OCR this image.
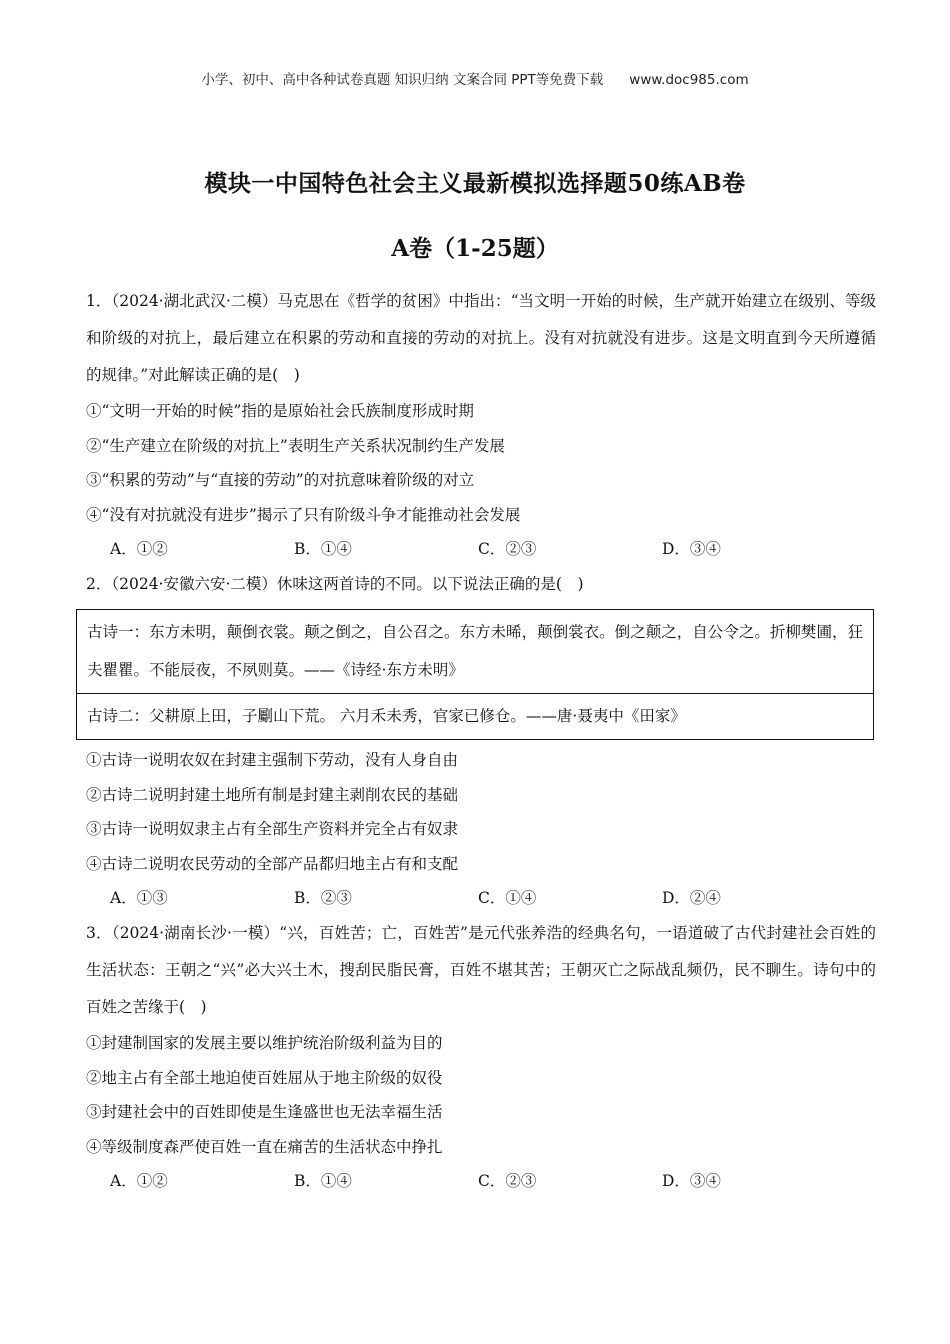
小学、初中、高中各种试卷真题 知识归纳 文案合同 PPT等免费下载 www.doc985.com
模块一中国特色社会主义最新模拟选择题50练AB卷
A卷（1-25题）

1．（2024·湖北武汉·二模）马克思在《哲学的贫困》中指出：“当文明一开始的时候，生产就开始建立在级别、等级和阶级的对抗上，最后建立在积累的劳动和直接的劳动的对抗上。没有对抗就没有进步。这是文明直到今天所遵循的规律。”对此解读正确的是(　)

①“文明一开始的时候”指的是原始社会氏族制度形成时期

②“生产建立在阶级的对抗上”表明生产关系状况制约生产发展

③“积累的劳动”与“直接的劳动”的对抗意味着阶级的对立

④“没有对抗就没有进步”揭示了只有阶级斗争才能推动社会发展

A．①②	B．①④	C．②③	D．③④

2．（2024·安徽六安·二模）休味这两首诗的不同。以下说法正确的是(　)

古诗一：东方未明，颠倒衣裳。颠之倒之，自公召之。东方未晞，颠倒裳衣。倒之颠之，自公令之。折柳樊圃，狂夫瞿瞿。不能辰夜，不夙则莫。——《诗经·东方未明》

古诗二：父耕原上田，子劚山下荒。 六月禾未秀，官家已修仓。——唐·聂夷中《田家》

①古诗一说明农奴在封建主强制下劳动，没有人身自由

②古诗二说明封建土地所有制是封建主剥削农民的基础

③古诗一说明奴隶主占有全部生产资料并完全占有奴隶

④古诗二说明农民劳动的全部产品都归地主占有和支配

A．①③	B．②③	C．①④	D．②④

3．（2024·湖南长沙·一模）“兴，百姓苦；亡，百姓苦”是元代张养浩的经典名句，一语道破了古代封建社会百姓的生活状态：王朝之“兴”必大兴土木，搜刮民脂民膏，百姓不堪其苦；王朝灭亡之际战乱频仍，民不聊生。诗句中的百姓之苦缘于(　)

①封建制国家的发展主要以维护统治阶级利益为目的

②地主占有全部土地迫使百姓屈从于地主阶级的奴役

③封建社会中的百姓即使是生逢盛世也无法幸福生活

④等级制度森严使百姓一直在痛苦的生活状态中挣扎

A．①②	B．①④	C．②③	D．③④
